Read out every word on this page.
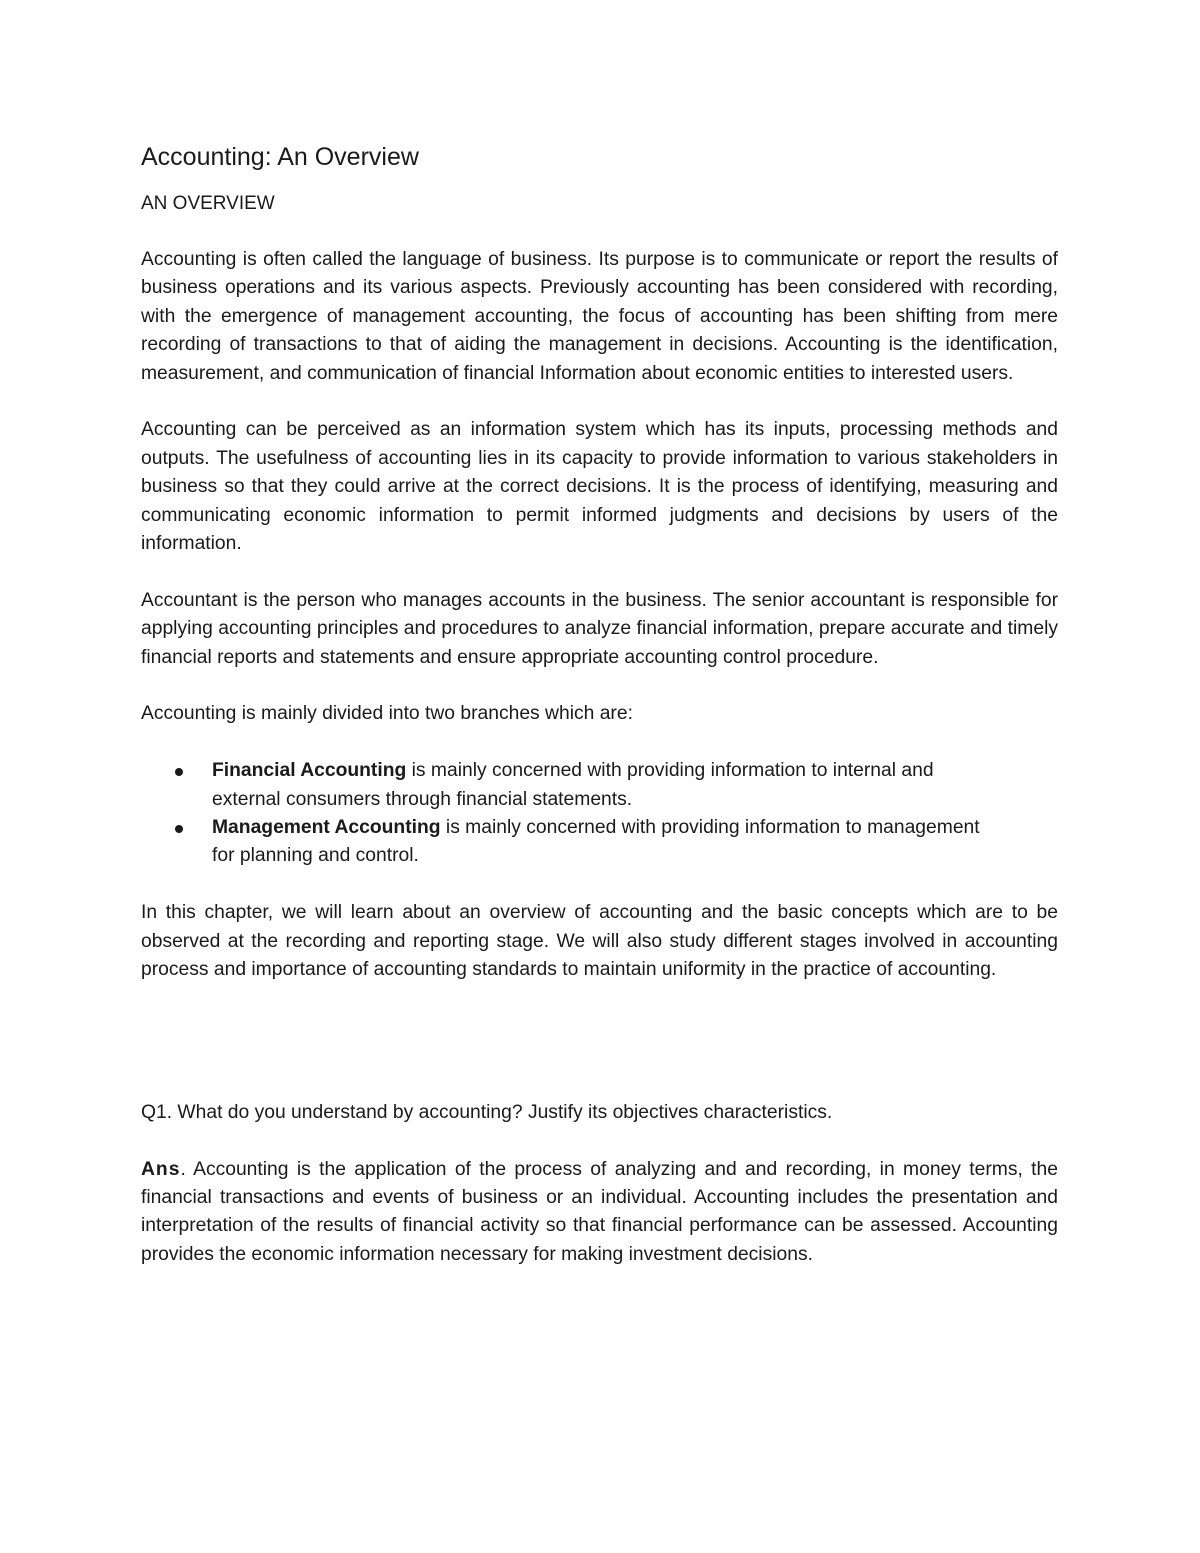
Accounting: An Overview
AN OVERVIEW

Accounting is often called the language of business. Its purpose is to communicate or report the results of business operations and its various aspects. Previously accounting has been considered with recording, with the emergence of management accounting, the focus of accounting has been shifting from mere recording of transactions to that of aiding the management in decisions. Accounting is the identification, measurement, and communication of financial Information about economic entities to interested users.

Accounting can be perceived as an information system which has its inputs, processing methods and outputs. The usefulness of accounting lies in its capacity to provide information to various stakeholders in business so that they could arrive at the correct decisions. It is the process of identifying, measuring and communicating economic information to permit informed judgments and decisions by users of the information.

Accountant is the person who manages accounts in the business. The senior accountant is responsible for applying accounting principles and procedures to analyze financial information, prepare accurate and timely financial reports and statements and ensure appropriate accounting control procedure.

Accounting is mainly divided into two branches which are:

Financial Accounting is mainly concerned with providing information to internal and external consumers through financial statements.
Management Accounting is mainly concerned with providing information to management for planning and control.

In this chapter, we will learn about an overview of accounting and the basic concepts which are to be observed at the recording and reporting stage. We will also study different stages involved in accounting process and importance of accounting standards to maintain uniformity in the practice of accounting.

Q1. What do you understand by accounting? Justify its objectives characteristics.

Ans. Accounting is the application of the process of analyzing and and recording, in money terms, the financial transactions and events of business or an individual. Accounting includes the presentation and interpretation of the results of financial activity so that financial performance can be assessed. Accounting provides the economic information necessary for making investment decisions.
